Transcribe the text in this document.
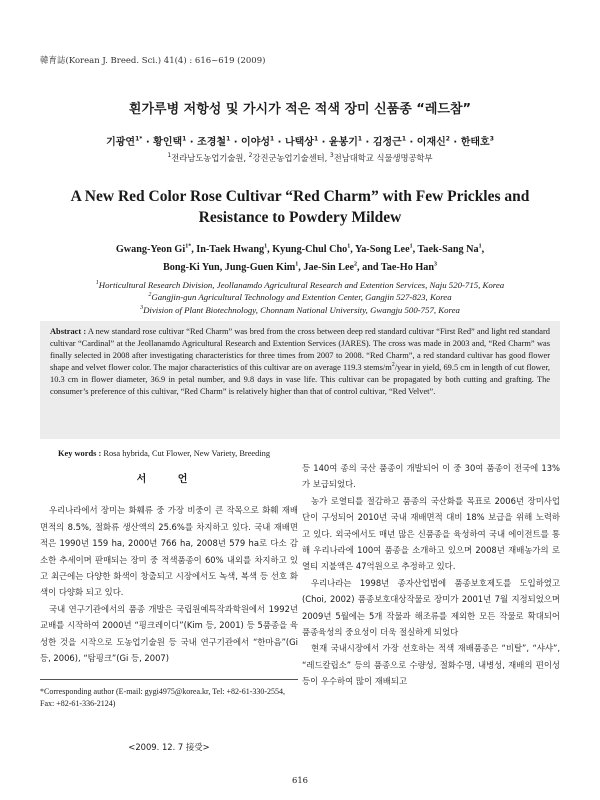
韓育誌(Korean J. Breed. Sci.) 41(4) : 616~619 (2009)
흰가루병 저항성 및 가시가 적은 적색 장미 신품종 “레드참”
기광연$^{1*}$ · 황인택$^1$ · 조경철$^1$ · 이야성$^1$ · 나택상$^1$ · 윤봉기$^1$ · 김정근$^1$ · 이재신$^2$ · 한태호$^3$
$^1$전라남도농업기술원, $^2$강진군농업기술센터, $^3$전남대학교 식물생명공학부
A New Red Color Rose Cultivar “Red Charm” with Few Prickles and Resistance to Powdery Mildew
Gwang-Yeon $Gi^{1*}$, In-Taek Hwang$^1$, Kyung-Chul Cho$^1$, Ya-Song Lee$^1$, Taek-Sang Na$^1$,
Bong-Ki Yun, Jung-Guen Kim$^1$, Jae-Sin Lee$^2$, and Tae-Ho Han$^3$
$^1$Horticultural Research Division, Jeollanamdo Agricultural Research and Extention Services, Naju 520-715, Korea
$^2$Gangjin-gun Agricultural Technology and Extention Center, Gangjin 527-823, Korea
$^3$Division of Plant Biotechnology, Chonnam National University, Gwangju 500-757, Korea
Abstract : A new standard rose cultivar “Red Charm” was bred from the cross between deep red standard cultivar “First Red” and light red standard cultivar “Cardinal” at the Jeollanamdo Agricultural Research and Extention Services (JARES). The cross was made in 2003 and, “Red Charm” was finally selected in 2008 after investigating characteristics for three times from 2007 to 2008. “Red Charm”, a red standard cultivar has good flower shape and velvet flower color. The major characteristics of this cultivar are on average 119.3 stems/$m^2$/year in yield, 69.5 cm in length of cut flower, 10.3 cm in flower diameter, 36.9 in petal number, and 9.8 days in vase life. This cultivar can be propagated by both cutting and grafting. The consumer’s preference of this cultivar, “Red Charm” is relatively higher than that of control cultivar, “Red Velvet”.
Key words : Rosa hybrida, Cut Flower, New Variety, Breeding
서 언

우리나라에서 장미는 화훼류 중 가장 비중이 큰 작목으로 화훼 재배면적의 8.5%, 절화류 생산액의 25.6%를 차지하고 있다. 국내 재배면적은 1990년 159 ha, 2000년 766 ha, 2008년 579 ha로 다소 감소한 추세이며 판매되는 장미 중 적색품종이 60% 내외를 차지하고 있고 최근에는 다양한 화색이 창출되고 시장에서도 녹색, 복색 등 선호 화색이 다양화 되고 있다.

국내 연구기관에서의 품종 개발은 국립원예특작과학원에서 1992년 교배를 시작하여 2000년 “핑크레이디”(Kim 등, 2001) 등 5품종을 육성한 것을 시작으로 도농업기술원 등 국내 연구기관에서 “한마음”(Gi 등, 2006), “탐핑크”(Gi 등, 2007)

등 140여 종의 국산 품종이 개발되어 이 중 30여 품종이 전국에 13%가 보급되었다.

농가 로열티를 절감하고 품종의 국산화를 목표로 2006년 장미사업단이 구성되어 2010년 국내 재배면적 대비 18% 보급을 위해 노력하고 있다. 외국에서도 매년 많은 신품종을 육성하여 국내 에이전트를 통해 우리나라에 100여 품종을 소개하고 있으며 2008년 재배농가의 로열티 지불액은 47억원으로 추정하고 있다.

우리나라는 1998년 종자산업법에 품종보호제도를 도입하였고(Choi, 2002) 품종보호대상작물로 장미가 2001년 7월 지정되었으며 2009년 5월에는 5개 작물과 해조류를 제외한 모든 작물로 확대되어 품종육성의 중요성이 더욱 절실하게 되었다

현재 국내시장에서 가장 선호하는 적색 재배품종은 “비탈”, “샤샤”, “레드칼립소” 등의 품종으로 수량성, 절화수명, 내병성, 재배의 편이성 등이 우수하여 많이 재배되고

*Corresponding author (E-mail: gygi4975@korea.kr, Tel: +82-61-330-2554, Fax: +82-61-336-2124)
<2009. 12. 7 接受>
616
